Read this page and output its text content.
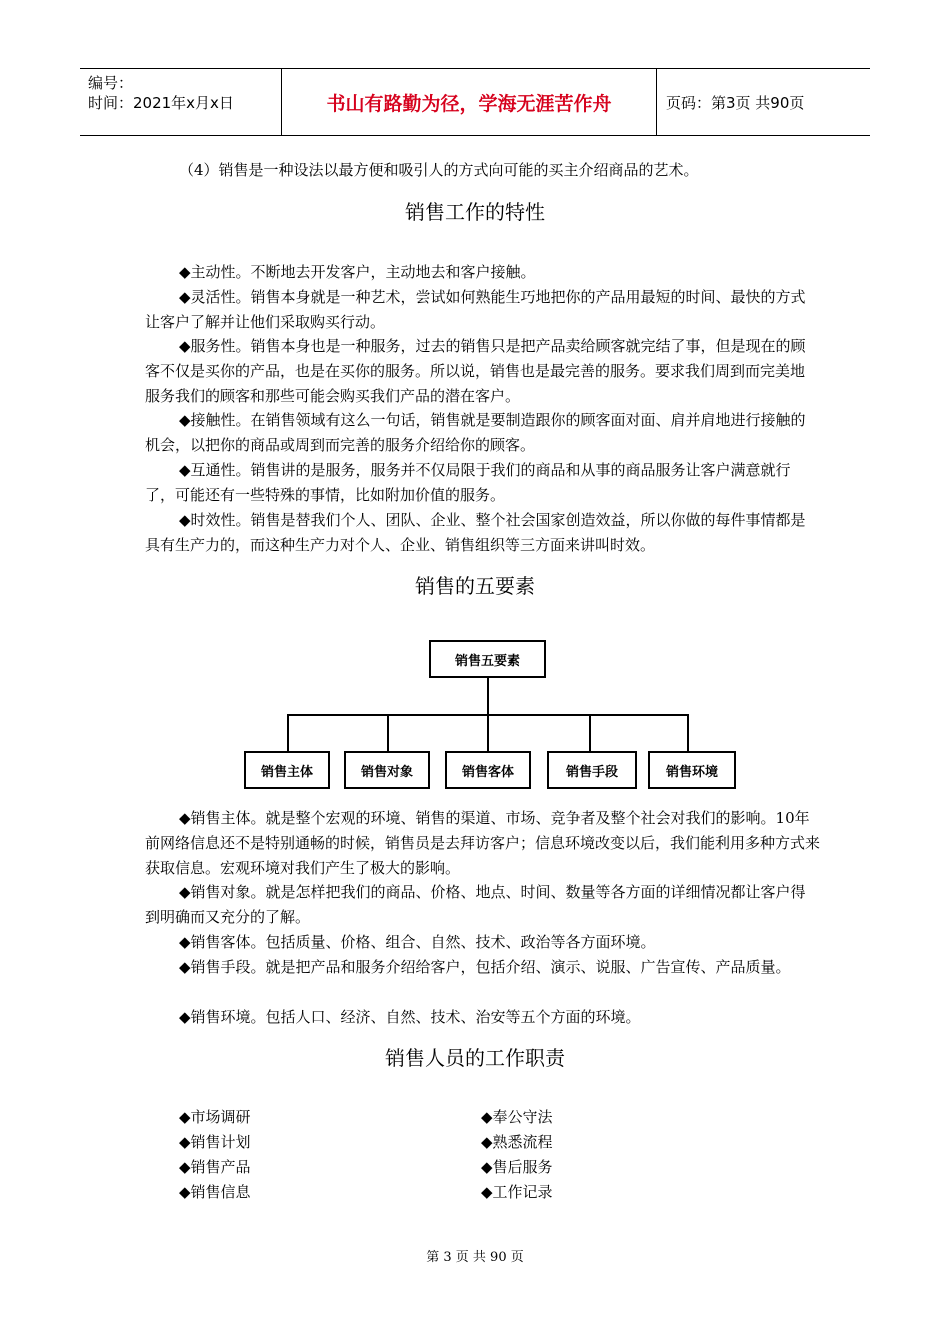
编号：
时间：2021年x月x日	书山有路勤为径，学海无涯苦作舟	页码：第3页 共90页
（4）销售是一种设法以最方便和吸引人的方式向可能的买主介绍商品的艺术。
销售工作的特性
◆主动性。不断地去开发客户，主动地去和客户接触。
◆灵活性。销售本身就是一种艺术，尝试如何熟能生巧地把你的产品用最短的时间、最快的方式让客户了解并让他们采取购买行动。
◆服务性。销售本身也是一种服务，过去的销售只是把产品卖给顾客就完结了事，但是现在的顾客不仅是买你的产品，也是在买你的服务。所以说，销售也是最完善的服务。要求我们周到而完美地服务我们的顾客和那些可能会购买我们产品的潜在客户。
◆接触性。在销售领域有这么一句话，销售就是要制造跟你的顾客面对面、肩并肩地进行接触的机会，以把你的商品或周到而完善的服务介绍给你的顾客。
◆互通性。销售讲的是服务，服务并不仅局限于我们的商品和从事的商品服务让客户满意就行了，可能还有一些特殊的事情，比如附加价值的服务。
◆时效性。销售是替我们个人、团队、企业、整个社会国家创造效益，所以你做的每件事情都是具有生产力的，而这种生产力对个人、企业、销售组织等三方面来讲叫时效。
销售的五要素
销售五要素
销售主体	销售对象	销售客体	销售手段	销售环境
◆销售主体。就是整个宏观的环境、销售的渠道、市场、竞争者及整个社会对我们的影响。10年前网络信息还不是特别通畅的时候，销售员是去拜访客户；信息环境改变以后，我们能利用多种方式来获取信息。宏观环境对我们产生了极大的影响。
◆销售对象。就是怎样把我们的商品、价格、地点、时间、数量等各方面的详细情况都让客户得到明确而又充分的了解。
◆销售客体。包括质量、价格、组合、自然、技术、政治等各方面环境。
◆销售手段。就是把产品和服务介绍给客户，包括介绍、演示、说服、广告宣传、产品质量。
◆销售环境。包括人口、经济、自然、技术、治安等五个方面的环境。
销售人员的工作职责
◆市场调研
◆销售计划
◆销售产品
◆销售信息
◆奉公守法
◆熟悉流程
◆售后服务
◆工作记录
第 3 页 共 90 页
